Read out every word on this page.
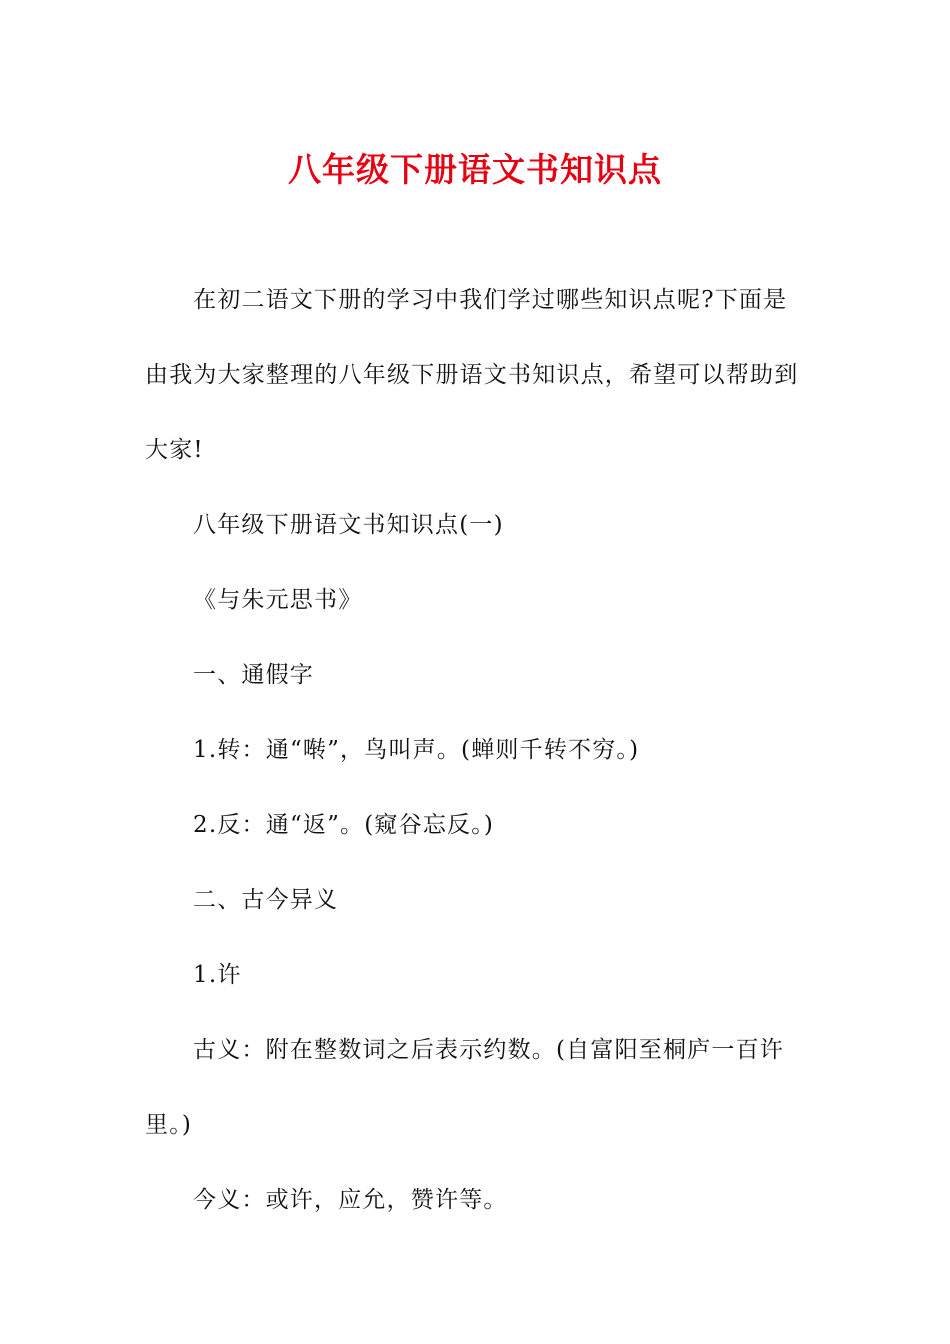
八年级下册语文书知识点

在初二语文下册的学习中我们学过哪些知识点呢?下面是由我为大家整理的八年级下册语文书知识点，希望可以帮助到大家!

八年级下册语文书知识点(一)

《与朱元思书》

一、通假字

1.转：通“啭”，鸟叫声。(蝉则千转不穷。)

2.反：通“返”。(窥谷忘反。)

二、古今异义

1.许

古义：附在整数词之后表示约数。(自富阳至桐庐一百许里。)

今义：或许，应允，赞许等。
